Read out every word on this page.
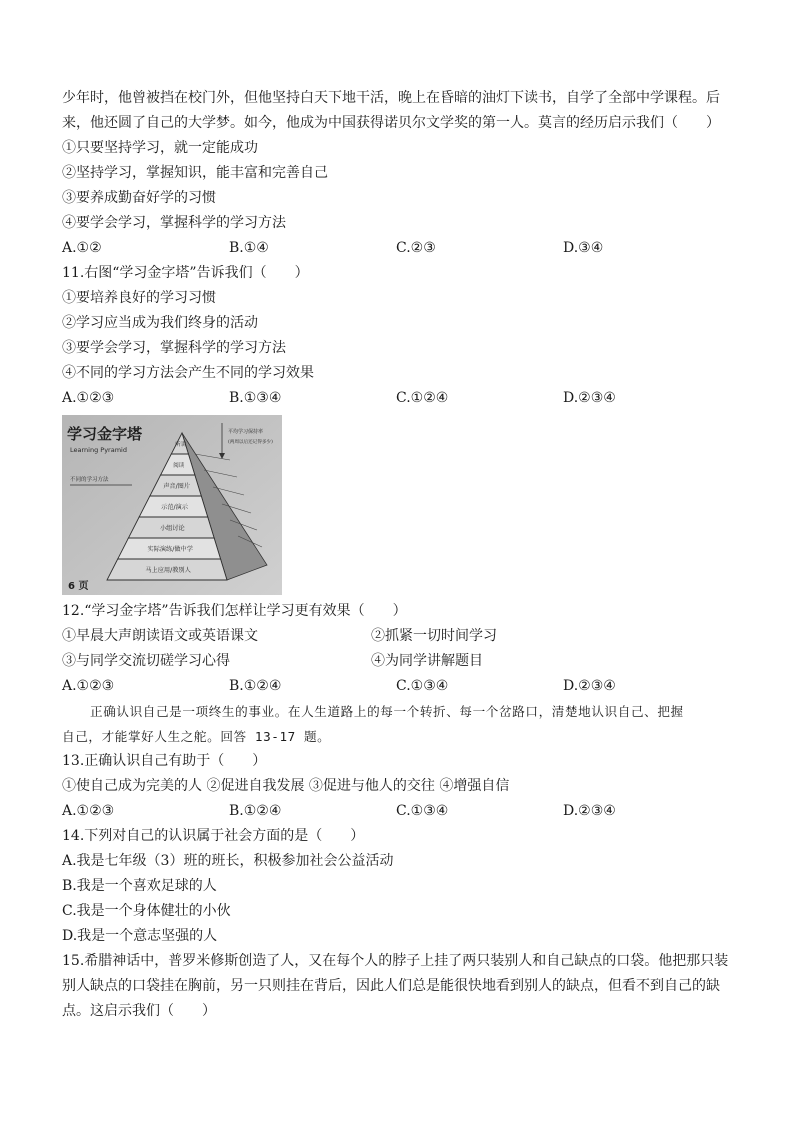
少年时，他曾被挡在校门外，但他坚持白天下地干活，晚上在昏暗的油灯下读书，自学了全部中学课程。后
来，他还圆了自己的大学梦。如今，他成为中国获得诺贝尔文学奖的第一人。莫言的经历启示我们（　　）
①只要坚持学习，就一定能成功
②坚持学习，掌握知识，能丰富和完善自己
③要养成勤奋好学的习惯
④要学会学习，掌握科学的学习方法
A.①②	B.①④	C.②③	D.③④
11.右图“学习金字塔”告诉我们（　　）
①要培养良好的学习习惯
②学习应当成为我们终身的活动
③要学会学习，掌握科学的学习方法
④不同的学习方法会产生不同的学习效果
A.①②③	B.①③④	C.①②④	D.②③④
学习金字塔
Learning Pyramid
不同的学习方法
平均学习保持率
(两周以后还记得多少)
听讲
阅读
声音/图片
示范/演示
小组讨论
实际演练/做中学
马上应用/教别人
6 页
12.“学习金字塔”告诉我们怎样让学习更有效果（　　）
①早晨大声朗读语文或英语课文	②抓紧一切时间学习
③与同学交流切磋学习心得	④为同学讲解题目
A.①②③	B.①②④	C.①③④	D.②③④
正确认识自己是一项终生的事业。在人生道路上的每一个转折、每一个岔路口，清楚地认识自己、把握
自己，才能掌好人生之舵。回答 13-17 题。
13.正确认识自己有助于（　　）
①使自己成为完美的人 ②促进自我发展 ③促进与他人的交往 ④增强自信
A.①②③	B.①②④	C.①③④	D.②③④
14.下列对自己的认识属于社会方面的是（　　）
A.我是七年级（3）班的班长，积极参加社会公益活动
B.我是一个喜欢足球的人
C.我是一个身体健壮的小伙
D.我是一个意志坚强的人
15.希腊神话中，普罗米修斯创造了人，又在每个人的脖子上挂了两只装别人和自己缺点的口袋。他把那只装
别人缺点的口袋挂在胸前，另一只则挂在背后，因此人们总是能很快地看到别人的缺点，但看不到自己的缺
点。这启示我们（　　）
